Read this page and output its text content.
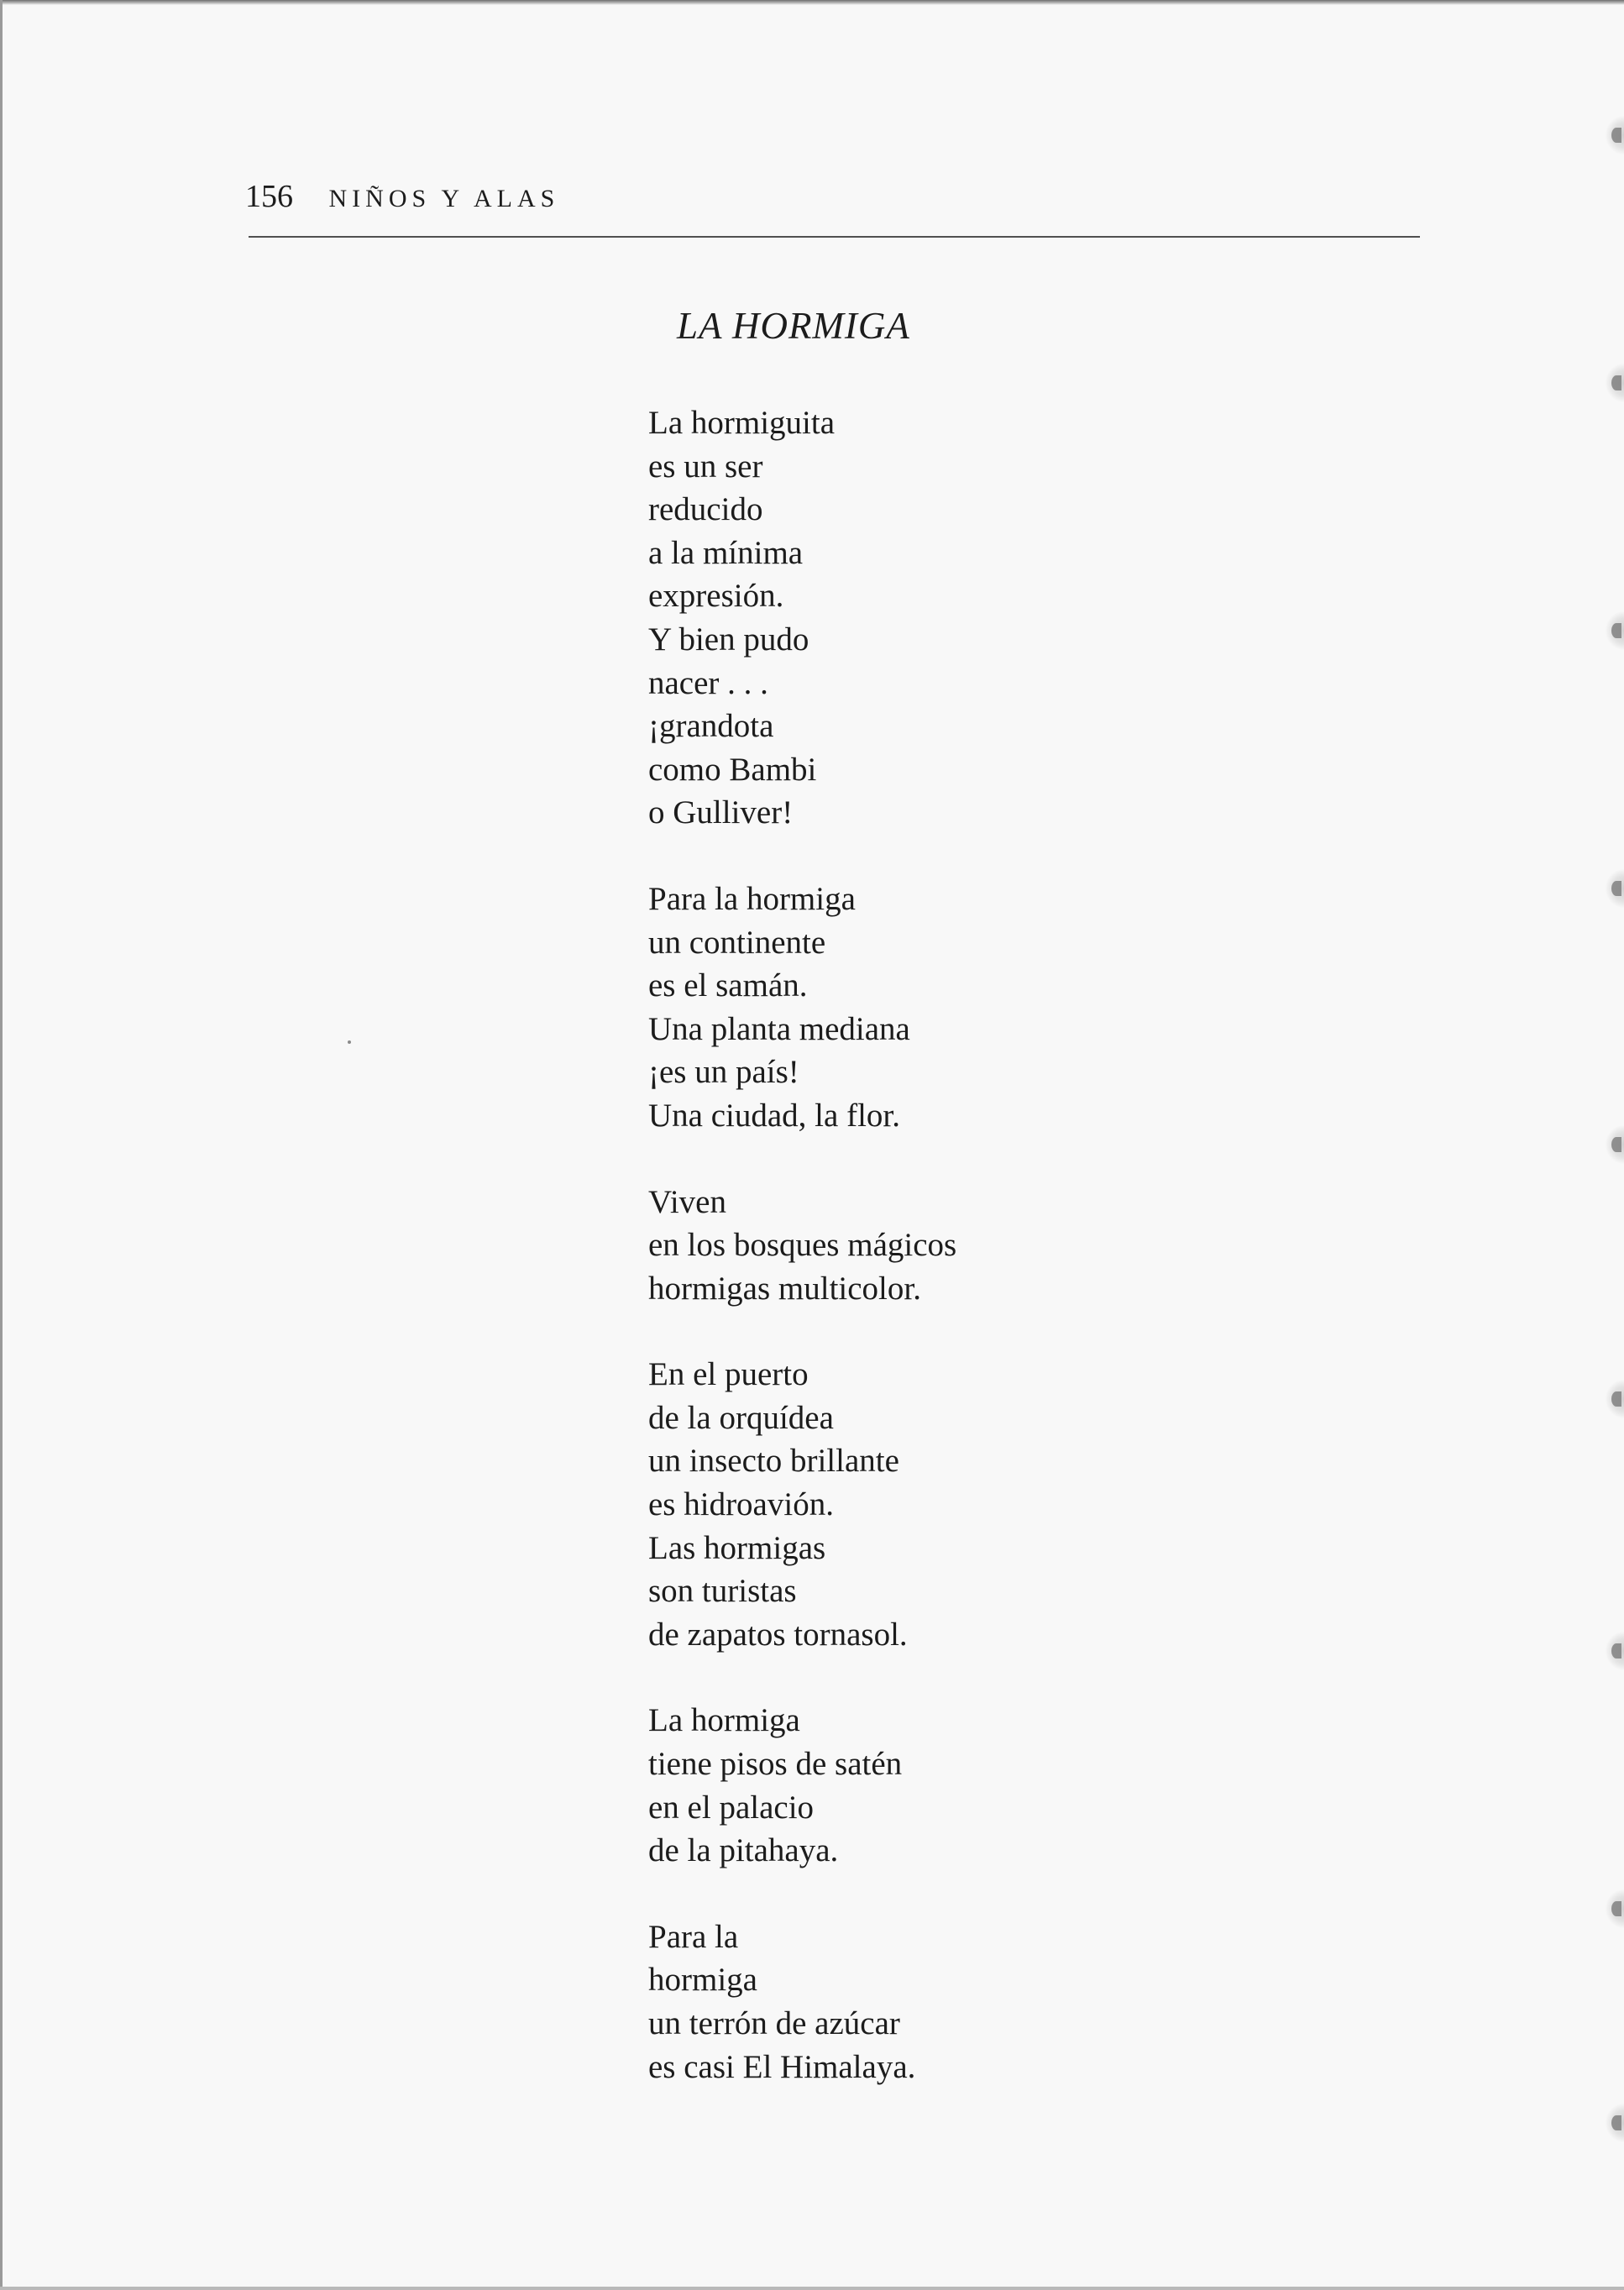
156 NIÑOS Y ALAS
LA HORMIGA
La hormiguita
es un ser
reducido
a la mínima
expresión.
Y bien pudo
nacer . . .
¡grandota
como Bambi
o Gulliver!
Para la hormiga
un continente
es el samán.
Una planta mediana
¡es un país!
Una ciudad, la flor.
Viven
en los bosques mágicos
hormigas multicolor.
En el puerto
de la orquídea
un insecto brillante
es hidroavión.
Las hormigas
son turistas
de zapatos tornasol.
La hormiga
tiene pisos de satén
en el palacio
de la pitahaya.
Para la
hormiga
un terrón de azúcar
es casi El Himalaya.
